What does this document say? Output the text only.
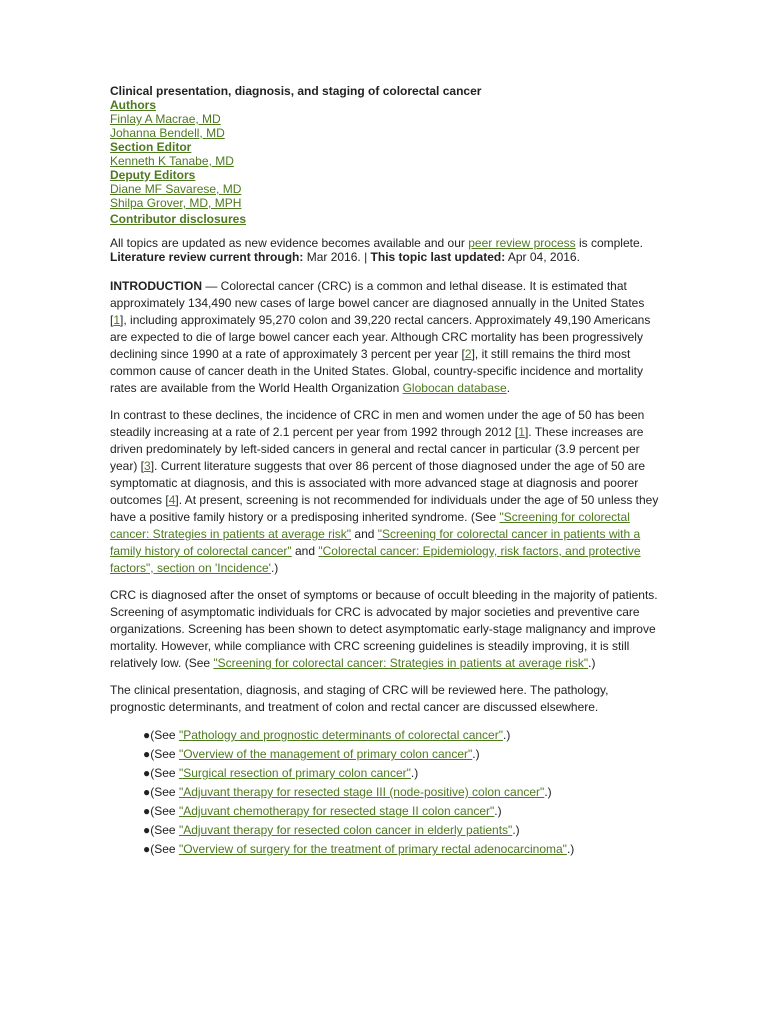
Clinical presentation, diagnosis, and staging of colorectal cancer

Authors
Finlay A Macrae, MD
Johanna Bendell, MD
Section Editor
Kenneth K Tanabe, MD
Deputy Editors
Diane MF Savarese, MD
Shilpa Grover, MD, MPH
Contributor disclosures

All topics are updated as new evidence becomes available and our peer review process is complete.

Literature review current through: Mar 2016. | This topic last updated: Apr 04, 2016.

INTRODUCTION — Colorectal cancer (CRC) is a common and lethal disease. It is estimated that approximately 134,490 new cases of large bowel cancer are diagnosed annually in the United States [1], including approximately 95,270 colon and 39,220 rectal cancers. Approximately 49,190 Americans are expected to die of large bowel cancer each year. Although CRC mortality has been progressively declining since 1990 at a rate of approximately 3 percent per year [2], it still remains the third most common cause of cancer death in the United States. Global, country-specific incidence and mortality rates are available from the World Health Organization Globocan database.

In contrast to these declines, the incidence of CRC in men and women under the age of 50 has been steadily increasing at a rate of 2.1 percent per year from 1992 through 2012 [1]. These increases are driven predominately by left-sided cancers in general and rectal cancer in particular (3.9 percent per year) [3]. Current literature suggests that over 86 percent of those diagnosed under the age of 50 are symptomatic at diagnosis, and this is associated with more advanced stage at diagnosis and poorer outcomes [4]. At present, screening is not recommended for individuals under the age of 50 unless they have a positive family history or a predisposing inherited syndrome. (See "Screening for colorectal cancer: Strategies in patients at average risk" and "Screening for colorectal cancer in patients with a family history of colorectal cancer" and "Colorectal cancer: Epidemiology, risk factors, and protective factors", section on 'Incidence'.)

CRC is diagnosed after the onset of symptoms or because of occult bleeding in the majority of patients. Screening of asymptomatic individuals for CRC is advocated by major societies and preventive care organizations. Screening has been shown to detect asymptomatic early-stage malignancy and improve mortality. However, while compliance with CRC screening guidelines is steadily improving, it is still relatively low. (See "Screening for colorectal cancer: Strategies in patients at average risk".)

The clinical presentation, diagnosis, and staging of CRC will be reviewed here. The pathology, prognostic determinants, and treatment of colon and rectal cancer are discussed elsewhere.

●(See "Pathology and prognostic determinants of colorectal cancer".)
●(See "Overview of the management of primary colon cancer".)
●(See "Surgical resection of primary colon cancer".)
●(See "Adjuvant therapy for resected stage III (node-positive) colon cancer".)
●(See "Adjuvant chemotherapy for resected stage II colon cancer".)
●(See "Adjuvant therapy for resected colon cancer in elderly patients".)
●(See "Overview of surgery for the treatment of primary rectal adenocarcinoma".)
